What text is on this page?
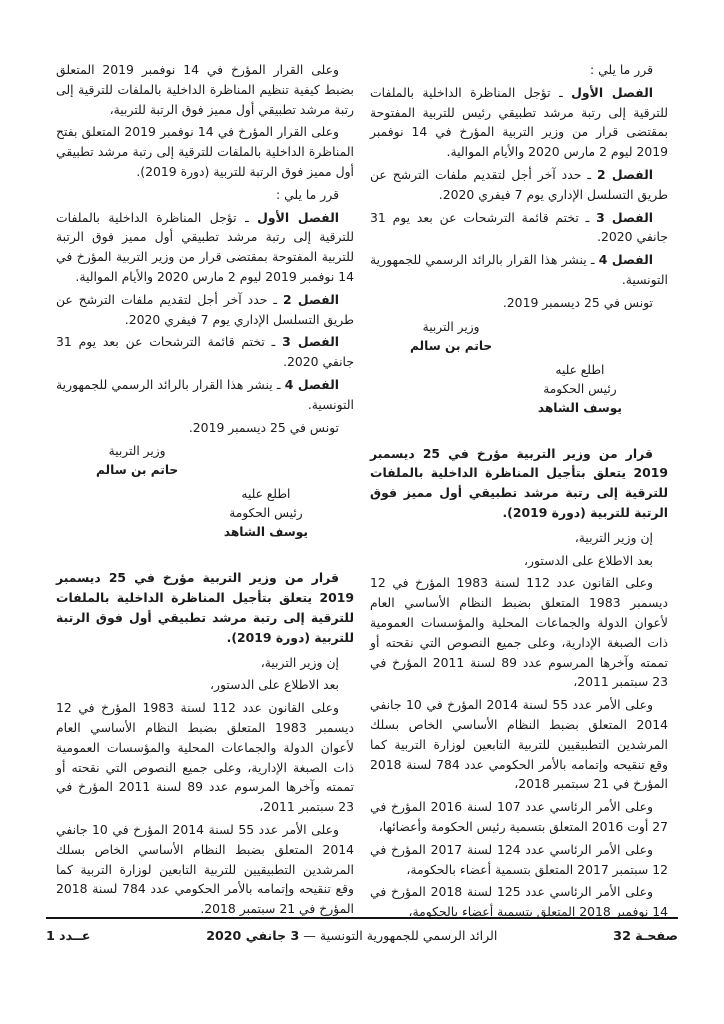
قرر ما يلي :

الفصل الأول ـ تؤجل المناظرة الداخلية بالملفات للترقية إلى رتبة مرشد تطبيقي رئيس للتربية المفتوحة بمقتضى قرار من وزير التربية المؤرخ في 14 نوفمبر 2019 ليوم 2 مارس 2020 والأيام الموالية.

الفصل 2 ـ حدد آخر أجل لتقديم ملفات الترشح عن طريق التسلسل الإداري يوم 7 فيفري 2020.

الفصل 3 ـ تختم قائمة الترشحات عن بعد يوم 31 جانفي 2020.

الفصل 4 ـ ينشر هذا القرار بالرائد الرسمي للجمهورية التونسية.

تونس في 25 ديسمبر 2019.

وزير التربية
حاتم بن سالم
اطلع عليه
رئيس الحكومة
يوسف الشاهد

قرار من وزير التربية مؤرخ في 25 ديسمبر 2019 يتعلق بتأجيل المناظرة الداخلية بالملفات للترقية إلى رتبة مرشد تطبيقي أول مميز فوق الرتبة للتربية (دورة 2019).

إن وزير التربية،

بعد الاطلاع على الدستور،

وعلى القانون عدد 112 لسنة 1983 المؤرخ في 12 ديسمبر 1983 المتعلق بضبط النظام الأساسي العام لأعوان الدولة والجماعات المحلية والمؤسسات العمومية ذات الصبغة الإدارية، وعلى جميع النصوص التي نقحته أو تممته وآخرها المرسوم عدد 89 لسنة 2011 المؤرخ في 23 سبتمبر 2011،

وعلى الأمر عدد 55 لسنة 2014 المؤرخ في 10 جانفي 2014 المتعلق بضبط النظام الأساسي الخاص بسلك المرشدين التطبيقيين للتربية التابعين لوزارة التربية كما وقع تنقيحه وإتمامه بالأمر الحكومي عدد 784 لسنة 2018 المؤرخ في 21 سبتمبر 2018،

وعلى الأمر الرئاسي عدد 107 لسنة 2016 المؤرخ في 27 أوت 2016 المتعلق بتسمية رئيس الحكومة وأعضائها،

وعلى الأمر الرئاسي عدد 124 لسنة 2017 المؤرخ في 12 سبتمبر 2017 المتعلق بتسمية أعضاء بالحكومة،

وعلى الأمر الرئاسي عدد 125 لسنة 2018 المؤرخ في 14 نوفمبر 2018 المتعلق بتسمية أعضاء بالحكومة،

وعلى القرار المؤرخ في 14 نوفمبر 2019 المتعلق بضبط كيفية تنظيم المناظرة الداخلية بالملفات للترقية إلى رتبة مرشد تطبيقي أول مميز فوق الرتبة للتربية،

وعلى القرار المؤرخ في 14 نوفمبر 2019 المتعلق بفتح المناظرة الداخلية بالملفات للترقية إلى رتبة مرشد تطبيقي أول مميز فوق الرتبة للتربية (دورة 2019).

قرر ما يلي :

الفصل الأول ـ تؤجل المناظرة الداخلية بالملفات للترقية إلى رتبة مرشد تطبيقي أول مميز فوق الرتبة للتربية المفتوحة بمقتضى قرار من وزير التربية المؤرخ في 14 نوفمبر 2019 ليوم 2 مارس 2020 والأيام الموالية.

الفصل 2 ـ حدد آخر أجل لتقديم ملفات الترشح عن طريق التسلسل الإداري يوم 7 فيفري 2020.

الفصل 3 ـ تختم قائمة الترشحات عن بعد يوم 31 جانفي 2020.

الفصل 4 ـ ينشر هذا القرار بالرائد الرسمي للجمهورية التونسية.

تونس في 25 ديسمبر 2019.

وزير التربية
حاتم بن سالم
اطلع عليه
رئيس الحكومة
يوسف الشاهد

قرار من وزير التربية مؤرخ في 25 ديسمبر 2019 يتعلق بتأجيل المناظرة الداخلية بالملفات للترقية إلى رتبة مرشد تطبيقي أول فوق الرتبة للتربية (دورة 2019).

إن وزير التربية،

بعد الاطلاع على الدستور،

وعلى القانون عدد 112 لسنة 1983 المؤرخ في 12 ديسمبر 1983 المتعلق بضبط النظام الأساسي العام لأعوان الدولة والجماعات المحلية والمؤسسات العمومية ذات الصبغة الإدارية، وعلى جميع النصوص التي نقحته أو تممته وآخرها المرسوم عدد 89 لسنة 2011 المؤرخ في 23 سبتمبر 2011،

وعلى الأمر عدد 55 لسنة 2014 المؤرخ في 10 جانفي 2014 المتعلق بضبط النظام الأساسي الخاص بسلك المرشدين التطبيقيين للتربية التابعين لوزارة التربية كما وقع تنقيحه وإتمامه بالأمر الحكومي عدد 784 لسنة 2018 المؤرخ في 21 سبتمبر 2018.

صفحـة 32
الرائد الرسمي للجمهورية التونسية — 3 جانفي 2020
عــدد 1
